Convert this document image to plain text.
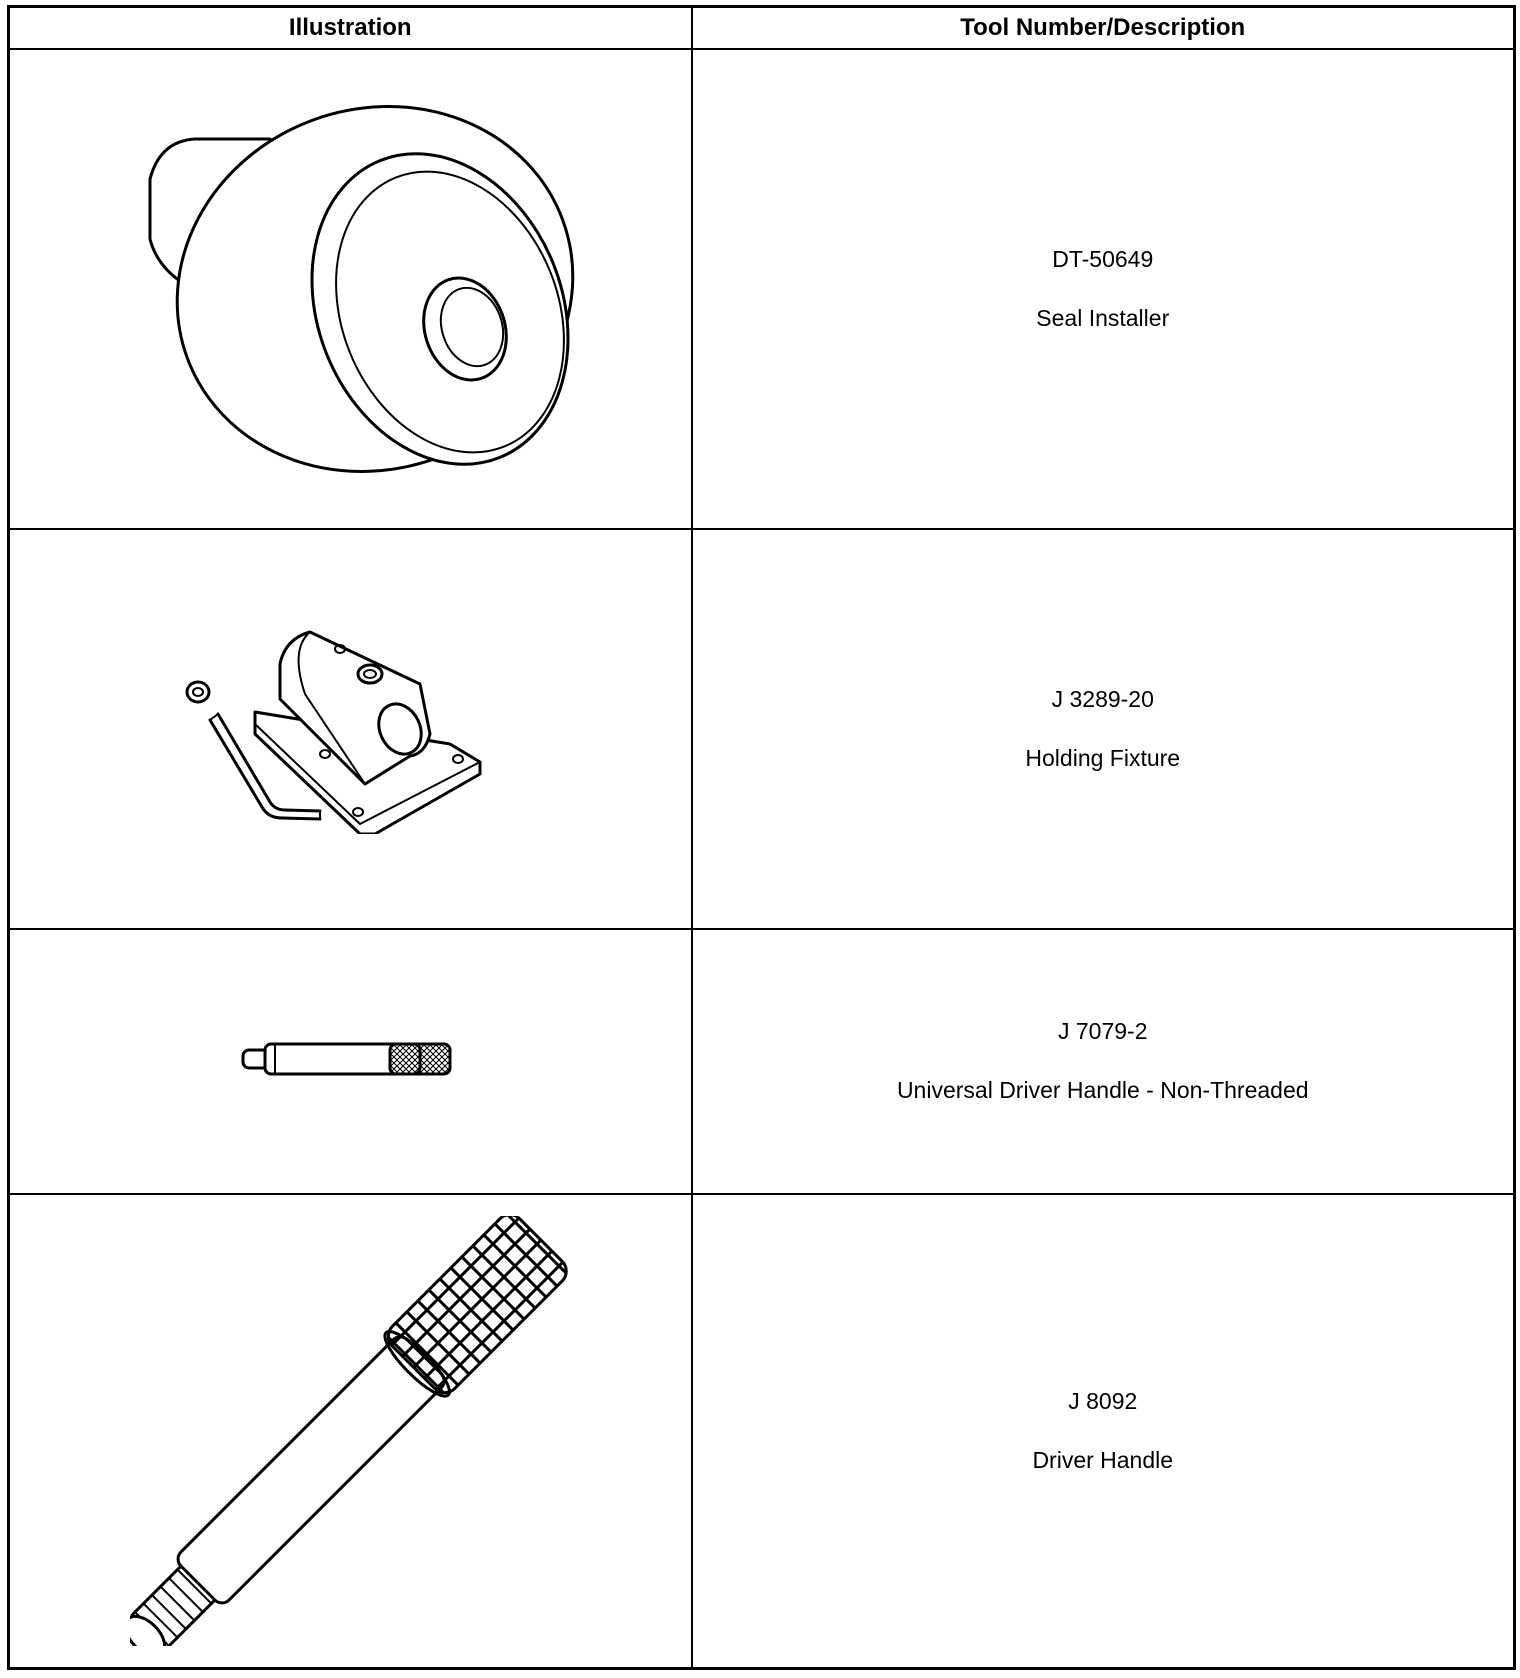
Illustration	Tool Number/Description

DT-50649
Seal Installer

J 3289-20
Holding Fixture

J 7079-2
Universal Driver Handle - Non-Threaded

J 8092
Driver Handle
